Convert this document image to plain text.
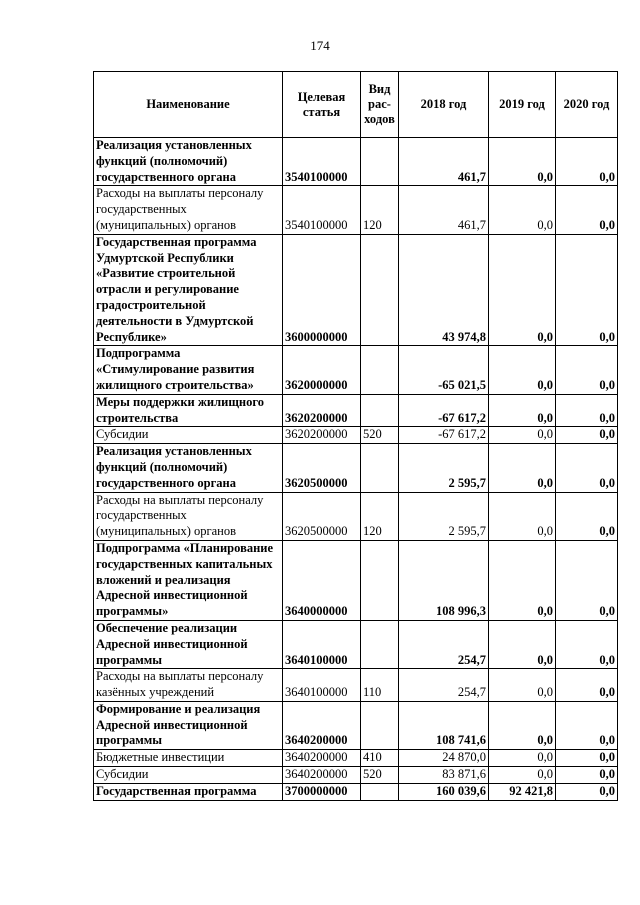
174
Наименование	Целевая статья	Вид рас-ходов	2018 год	2019 год	2020 год
Реализация установленных функций (полномочий) государственного органа	3540100000		461,7	0,0	0,0
Расходы на выплаты персоналу государственных (муниципальных) органов	3540100000	120	461,7	0,0	0,0
Государственная программа Удмуртской Республики «Развитие строительной отрасли и регулирование градостроительной деятельности в Удмуртской Республике»	3600000000		43 974,8	0,0	0,0
Подпрограмма «Стимулирование развития жилищного строительства»	3620000000		-65 021,5	0,0	0,0
Меры поддержки жилищного строительства	3620200000		-67 617,2	0,0	0,0
Субсидии	3620200000	520	-67 617,2	0,0	0,0
Реализация установленных функций (полномочий) государственного органа	3620500000		2 595,7	0,0	0,0
Расходы на выплаты персоналу государственных (муниципальных) органов	3620500000	120	2 595,7	0,0	0,0
Подпрограмма «Планирование государственных капитальных вложений и реализация Адресной инвестиционной программы»	3640000000		108 996,3	0,0	0,0
Обеспечение реализации Адресной инвестиционной программы	3640100000		254,7	0,0	0,0
Расходы на выплаты персоналу казённых учреждений	3640100000	110	254,7	0,0	0,0
Формирование и реализация Адресной инвестиционной программы	3640200000		108 741,6	0,0	0,0
Бюджетные инвестиции	3640200000	410	24 870,0	0,0	0,0
Субсидии	3640200000	520	83 871,6	0,0	0,0
Государственная программа	3700000000		160 039,6	92 421,8	0,0
